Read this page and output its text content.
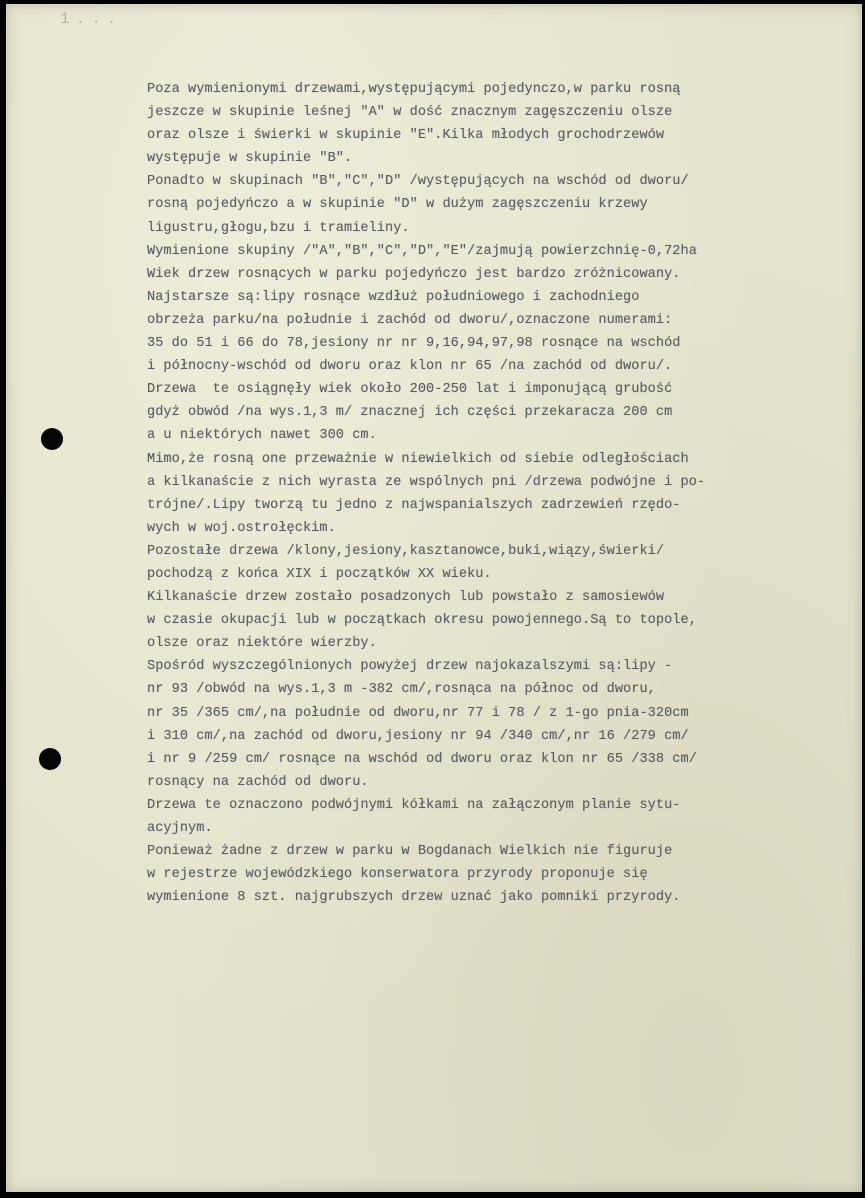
1...
Poza wymienionymi drzewami,występującymi pojedynczo,w parku rosną
jeszcze w skupinie leśnej "A" w dość znacznym zagęszczeniu olsze
oraz olsze i świerki w skupinie "E".Kilka młodych grochodrzewów
występuje w skupinie "B".
Ponadto w skupinach "B","C","D" /występujących na wschód od dworu/
rosną pojedyńczo a w skupinie "D" w dużym zagęszczeniu krzewy
ligustru,głogu,bzu i tramieliny.
Wymienione skupiny /"A","B","C","D","E"/zajmują powierzchnię-0,72ha
Wiek drzew rosnących w parku pojedyńczo jest bardzo zróżnicowany.
Najstarsze są:lipy rosnące wzdłuż południowego i zachodniego
obrzeża parku/na południe i zachód od dworu/,oznaczone numerami:
35 do 51 i 66 do 78,jesiony nr nr 9,16,94,97,98 rosnące na wschód
i północny-wschód od dworu oraz klon nr 65 /na zachód od dworu/.
Drzewa  te osiągnęły wiek około 200-250 lat i imponującą grubość
gdyż obwód /na wys.1,3 m/ znacznej ich części przekaracza 200 cm
a u niektórych nawet 300 cm.
Mimo,że rosną one przeważnie w niewielkich od siebie odległościach
a kilkanaście z nich wyrasta ze wspólnych pni /drzewa podwójne i po-
trójne/.Lipy tworzą tu jedno z najwspanialszych zadrzewień rzędo-
wych w woj.ostrołęckim.
Pozostałe drzewa /klony,jesiony,kasztanowce,buki,wiązy,świerki/
pochodzą z końca XIX i początków XX wieku.
Kilkanaście drzew zostało posadzonych lub powstało z samosiewów
w czasie okupacji lub w początkach okresu powojennego.Są to topole,
olsze oraz niektóre wierzby.
Spośród wyszczególnionych powyżej drzew najokazalszymi są:lipy -
nr 93 /obwód na wys.1,3 m -382 cm/,rosnąca na północ od dworu,
nr 35 /365 cm/,na południe od dworu,nr 77 i 78 / z 1-go pnia-320cm
i 310 cm/,na zachód od dworu,jesiony nr 94 /340 cm/,nr 16 /279 cm/
i nr 9 /259 cm/ rosnące na wschód od dworu oraz klon nr 65 /338 cm/
rosnący na zachód od dworu.
Drzewa te oznaczono podwójnymi kółkami na załączonym planie sytu-
acyjnym.
Ponieważ żadne z drzew w parku w Bogdanach Wielkich nie figuruje
w rejestrze wojewódzkiego konserwatora przyrody proponuje się
wymienione 8 szt. najgrubszych drzew uznać jako pomniki przyrody.
